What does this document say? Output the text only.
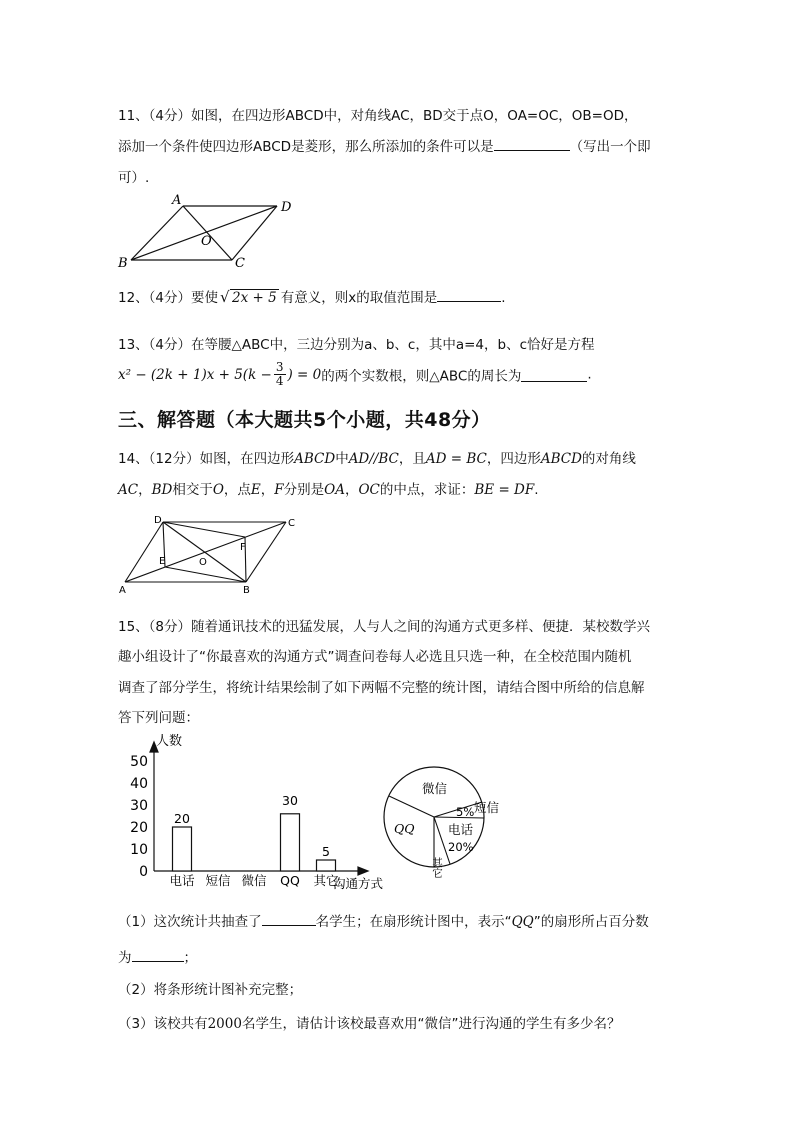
11、（4分）如图，在四边形ABCD中，对角线AC，BD交于点O，OA=OC，OB=OD，
添加一个条件使四边形ABCD是菱形，那么所添加的条件可以是	（写出一个即
可）.
A	D
O
B	C
12、（4分）要使 √ 2x + 5 有意义，则x的取值范围是	.
13、（4分）在等腰△ABC中，三边分别为a、b、c，其中a=4，b、c恰好是方程
$x^2 - (2k + 1)x + 5(k - \frac{3}{4}$ ) = 0的两个实数根，则△ABC的周长为	.
三、解答题（本大题共5个小题，共48分）
14、（12分）如图，在四边形ABCD中AD//BC，且AD = BC，四边形ABCD的对角线
AC，BD相交于O，点E，F分别是OA，OC的中点，求证：BE = DF.
D	C
F
E	O
A	B
15、（8分）随着通讯技术的迅猛发展，人与人之间的沟通方式更多样、便捷．某校数学兴
趣小组设计了“你最喜欢的沟通方式”调查问卷每人必选且只选一种，在全校范围内随机
调查了部分学生，将统计结果绘制了如下两幅不完整的统计图，请结合图中所给的信息解
答下列问题：
人数
沟通方式
0
10
20
30
40
50
20
30
5
电话 短信 微信 QQ 其它
微信
5% 短信
QQ	电话
20%
其它
（1）这次统计共抽查了	名学生；在扇形统计图中，表示“QQ”的扇形所占百分数
为	；
（2）将条形统计图补充完整；
（3）该校共有2000名学生，请估计该校最喜欢用“微信”进行沟通的学生有多少名？
